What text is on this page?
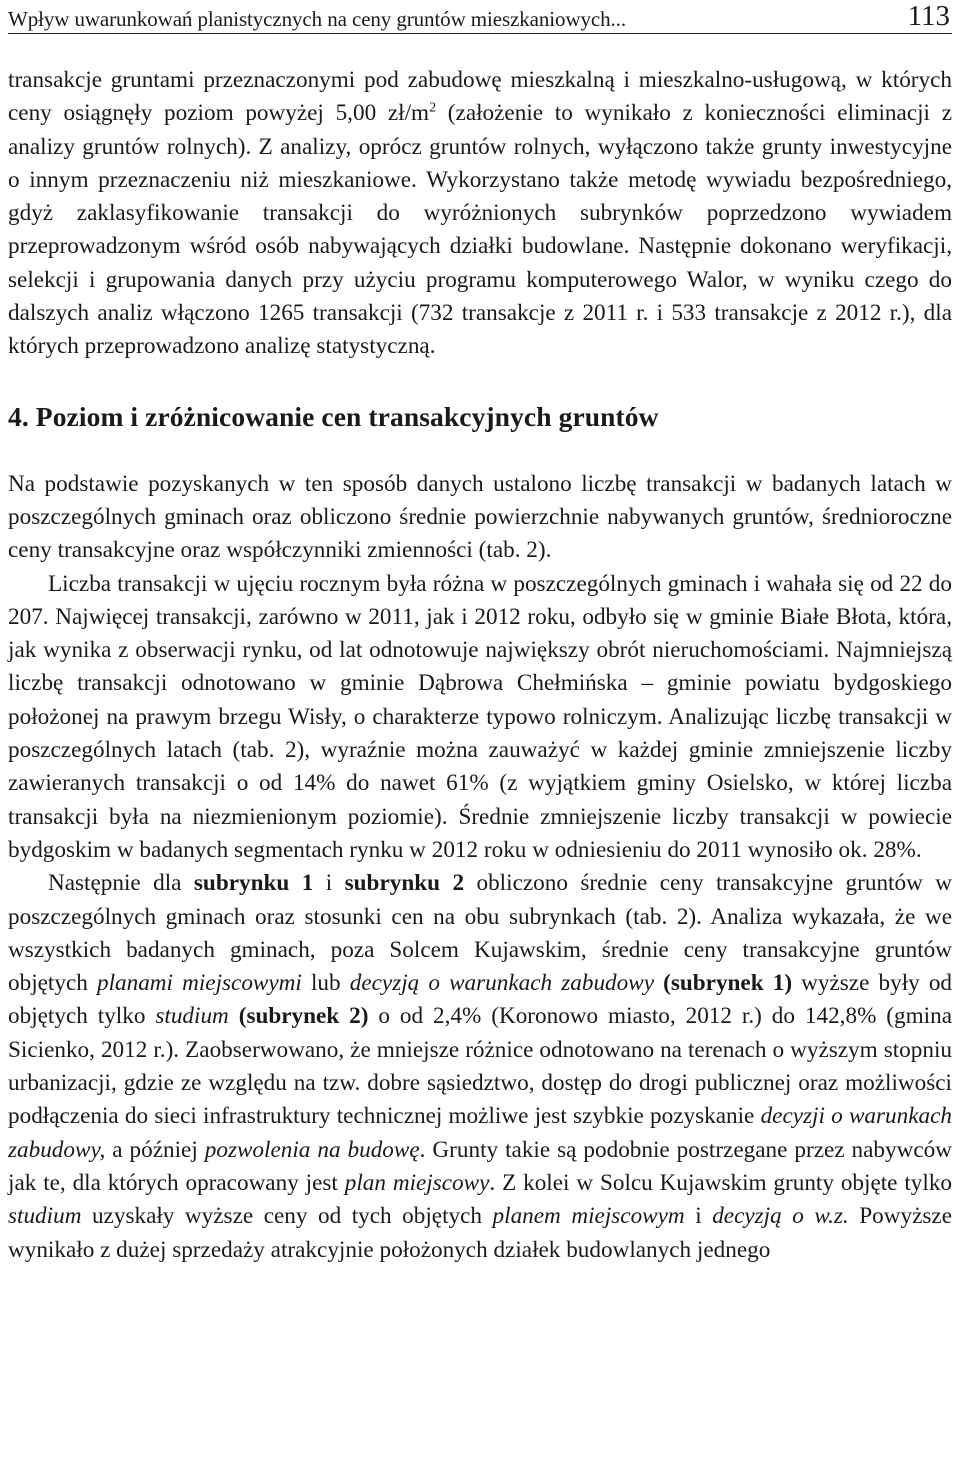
Wpływ uwarunkowań planistycznych na ceny gruntów mieszkaniowych...	113

transakcje gruntami przeznaczonymi pod zabudowę mieszkalną i mieszkalno-usługową, w których ceny osiągnęły poziom powyżej 5,00 $zł/m^2$ (założenie to wynikało z konieczności eliminacji z analizy gruntów rolnych). Z analizy, oprócz gruntów rolnych, wyłączono także grunty inwestycyjne o innym przeznaczeniu niż mieszkaniowe. Wykorzystano także metodę wywiadu bezpośredniego, gdyż zaklasyfikowanie transakcji do wyróżnionych subrynków poprzedzono wywiadem przeprowadzonym wśród osób nabywających działki budowlane. Następnie dokonano weryfikacji, selekcji i grupowania danych przy użyciu programu komputerowego Walor, w wyniku czego do dalszych analiz włączono 1265 transakcji (732 transakcje z 2011 r. i 533 transakcje z 2012 r.), dla których przeprowadzono analizę statystyczną.

4. Poziom i zróżnicowanie cen transakcyjnych gruntów

Na podstawie pozyskanych w ten sposób danych ustalono liczbę transakcji w badanych latach w poszczególnych gminach oraz obliczono średnie powierzchnie nabywanych gruntów, średnioroczne ceny transakcyjne oraz współczynniki zmienności (tab. 2).

Liczba transakcji w ujęciu rocznym była różna w poszczególnych gminach i wahała się od 22 do 207. Najwięcej transakcji, zarówno w 2011, jak i 2012 roku, odbyło się w gminie Białe Błota, która, jak wynika z obserwacji rynku, od lat odnotowuje największy obrót nieruchomościami. Najmniejszą liczbę transakcji odnotowano w gminie Dąbrowa Chełmińska – gminie powiatu bydgoskiego położonej na prawym brzegu Wisły, o charakterze typowo rolniczym. Analizując liczbę transakcji w poszczególnych latach (tab. 2), wyraźnie można zauważyć w każdej gminie zmniejszenie liczby zawieranych transakcji o od 14% do nawet 61% (z wyjątkiem gminy Osielsko, w której liczba transakcji była na niezmienionym poziomie). Średnie zmniejszenie liczby transakcji w powiecie bydgoskim w badanych segmentach rynku w 2012 roku w odniesieniu do 2011 wynosiło ok. 28%.

Następnie dla subrynku 1 i subrynku 2 obliczono średnie ceny transakcyjne gruntów w poszczególnych gminach oraz stosunki cen na obu subrynkach (tab. 2). Analiza wykazała, że we wszystkich badanych gminach, poza Solcem Kujawskim, średnie ceny transakcyjne gruntów objętych planami miejscowymi lub decyzją o warunkach zabudowy (subrynek 1) wyższe były od objętych tylko studium (subrynek 2) o od 2,4% (Koronowo miasto, 2012 r.) do 142,8% (gmina Sicienko, 2012 r.). Zaobserwowano, że mniejsze różnice odnotowano na terenach o wyższym stopniu urbanizacji, gdzie ze względu na tzw. dobre sąsiedztwo, dostęp do drogi publicznej oraz możliwości podłączenia do sieci infrastruktury technicznej możliwe jest szybkie pozyskanie decyzji o warunkach zabudowy, a później pozwolenia na budowę. Grunty takie są podobnie postrzegane przez nabywców jak te, dla których opracowany jest plan miejscowy. Z kolei w Solcu Kujawskim grunty objęte tylko studium uzyskały wyższe ceny od tych objętych planem miejscowym i decyzją o w.z. Powyższe wynikało z dużej sprzedaży atrakcyjnie położonych działek budowlanych jednego
